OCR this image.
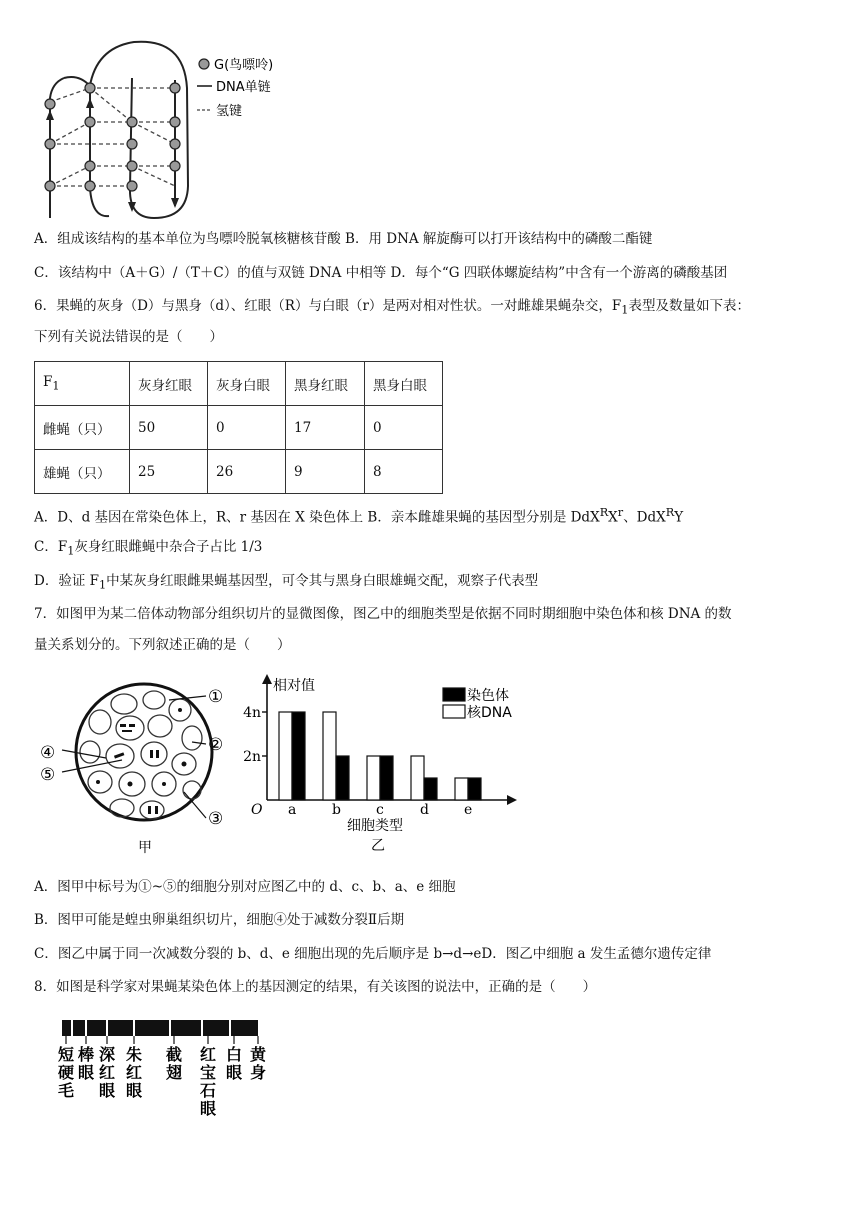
G(鸟嘌呤)
DNA单链
氢键
A．组成该结构的基本单位为鸟嘌呤脱氧核糖核苷酸 B．用 DNA 解旋酶可以打开该结构中的磷酸二酯键
C．该结构中（A＋G）/（T＋C）的值与双链 DNA 中相等 D．每个“G 四联体螺旋结构”中含有一个游离的磷酸基团
6．果蝇的灰身（D）与黑身（d）、红眼（R）与白眼（r）是两对相对性状。一对雌雄果蝇杂交，$F_1$表型及数量如下表：
下列有关说法错误的是（　　）
$F_1$	灰身红眼	灰身白眼	黑身红眼	黑身白眼
雌蝇（只）	50	0	17	0
雄蝇（只）	25	26	9	8
A．D、d 基因在常染色体上，R、r 基因在 X 染色体上 B．亲本雌雄果蝇的基因型分别是 $DdX^RX^r$、DdX$^R$Y
C．$F_1$灰身红眼雌蝇中杂合子占比 1/3
D．验证 $F_1$中某灰身红眼雌果蝇基因型，可令其与黑身白眼雄蝇交配，观察子代表型
7．如图甲为某二倍体动物部分组织切片的显微图像，图乙中的细胞类型是依据不同时期细胞中染色体和核 DNA 的数
量关系划分的。下列叙述正确的是（　　）
①
②
③
④
⑤
甲
相对值
O
细胞类型
乙
2n
4n
a	b	c	d	e
染色体
核DNA
A．图甲中标号为①~⑤的细胞分别对应图乙中的 d、c、b、a、e 细胞
B．图甲可能是蝗虫卵巢组织切片，细胞④处于减数分裂Ⅱ后期
C．图乙中属于同一次减数分裂的 b、d、e 细胞出现的先后顺序是 b→d→eD．图乙中细胞 a 发生孟德尔遗传定律
8．如图是科学家对果蝇某染色体上的基因测定的结果，有关该图的说法中，正确的是（　　）
短硬毛
棒眼
深红眼
朱红眼
截翅
红宝石眼
白眼
黄身
